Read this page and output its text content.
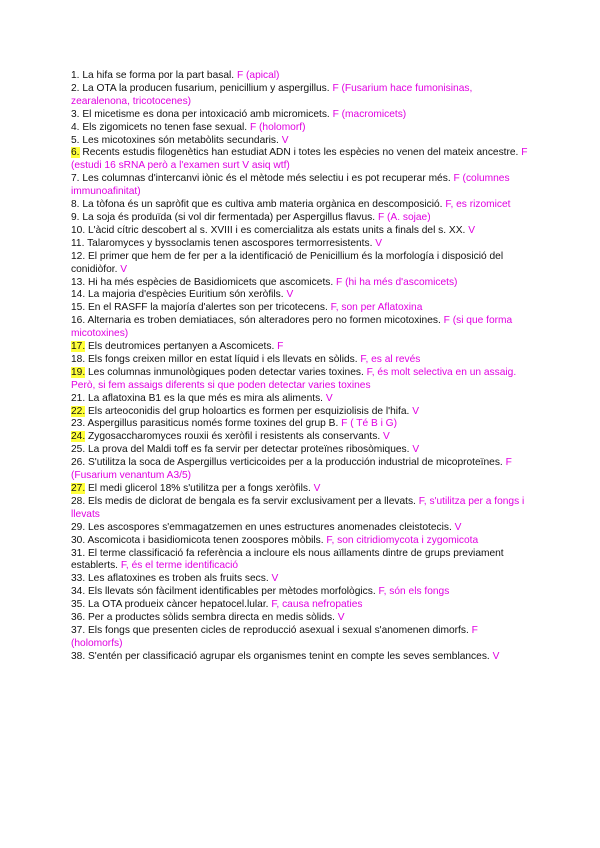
1. La hifa se forma por la part basal. F (apical)

2. La OTA la producen fusarium, penicillium y aspergillus. F (Fusarium hace fumonisinas, zearalenona, tricotocenes)

3. El micetisme es dona per intoxicació amb micromicets. F (macromicets)

4. Els zigomicets no tenen fase sexual. F (holomorf)

5. Les micotoxines són metabòlits secundaris. V

6. Recents estudis filogenètics han estudiat ADN i totes les espècies no venen del mateix ancestre. F (estudi 16 sRNA però a l'examen surt V asiq wtf)

7. Les columnas d'intercanvi iònic és el mètode més selectiu i es pot recuperar més. F (columnes immunoafinitat)

8. La tòfona és un sapròfit que es cultiva amb materia orgànica en descomposició. F, es rizomicet

9. La soja és produïda (si vol dir fermentada) per Aspergillus flavus. F (A. sojae)

10. L'àcid cítric descobert al s. XVIII i es comercialitza als estats units a finals del s. XX. V

11. Talaromyces y byssoclamis tenen ascospores termorresistents. V

12. El primer que hem de fer per a la identificació de Penicillium és la morfología i disposició del conidiòfor. V

13. Hi ha més espècies de Basidiomicets que ascomicets. F (hi ha més d'ascomicets)

14. La majoria d'espècies Euritium són xeròfils. V

15. En el RASFF la majoría d'alertes son per tricotecens. F, son per Aflatoxina

16. Alternaria es troben demiatiaces, són alteradores pero no formen micotoxines. F (si que forma micotoxines)

17. Els deutromices pertanyen a Ascomicets. F

18. Els fongs creixen millor en estat líquid i els llevats en sòlids. F, es al revés

19. Les columnas inmunològiques poden detectar varies toxines. F, és molt selectiva en un assaig. Però, si fem assaigs diferents si que poden detectar varies toxines

21. La aflatoxina B1 es la que més es mira als aliments. V

22. Els arteoconidis del grup holoartics es formen per esquiziolisis de l'hifa. V

23. Aspergillus parasiticus només forme toxines del grup B. F ( Té B i G)

24. Zygosaccharomyces rouxii és xeròfil i resistents als conservants. V

25. La prova del Maldi toff es fa servir per detectar proteïnes ribosòmiques. V

26. S'utilitza la soca de Aspergillus verticicoides per a la producción industrial de micoproteïnes. F (Fusarium venantum A3/5)

27. El medi glicerol 18% s'utilitza per a fongs xeròfils. V

28. Els medis de diclorat de bengala es fa servir exclusivament per a llevats. F, s'utilitza per a fongs i llevats

29. Les ascospores s'emmagatzemen en unes estructures anomenades cleistotecis. V

30. Ascomicota i basidiomicota tenen zoospores mòbils. F, son citridiomycota i zygomicota

31. El terme classificació fa referència a incloure els nous aïllaments dintre de grups previament establerts. F, és el terme identificació

33. Les aflatoxines es troben als fruits secs. V

34. Els llevats són fàcilment identificables per mètodes morfològics. F, són els fongs

35. La OTA produeix càncer hepatocel.lular. F, causa nefropaties

36. Per a productes sòlids sembra directa en medis sòlids. V

37. Els fongs que presenten cicles de reproducció asexual i sexual s'anomenen dimorfs. F (holomorfs)

38. S'entén per classificació agrupar els organismes tenint en compte les seves semblances. V
